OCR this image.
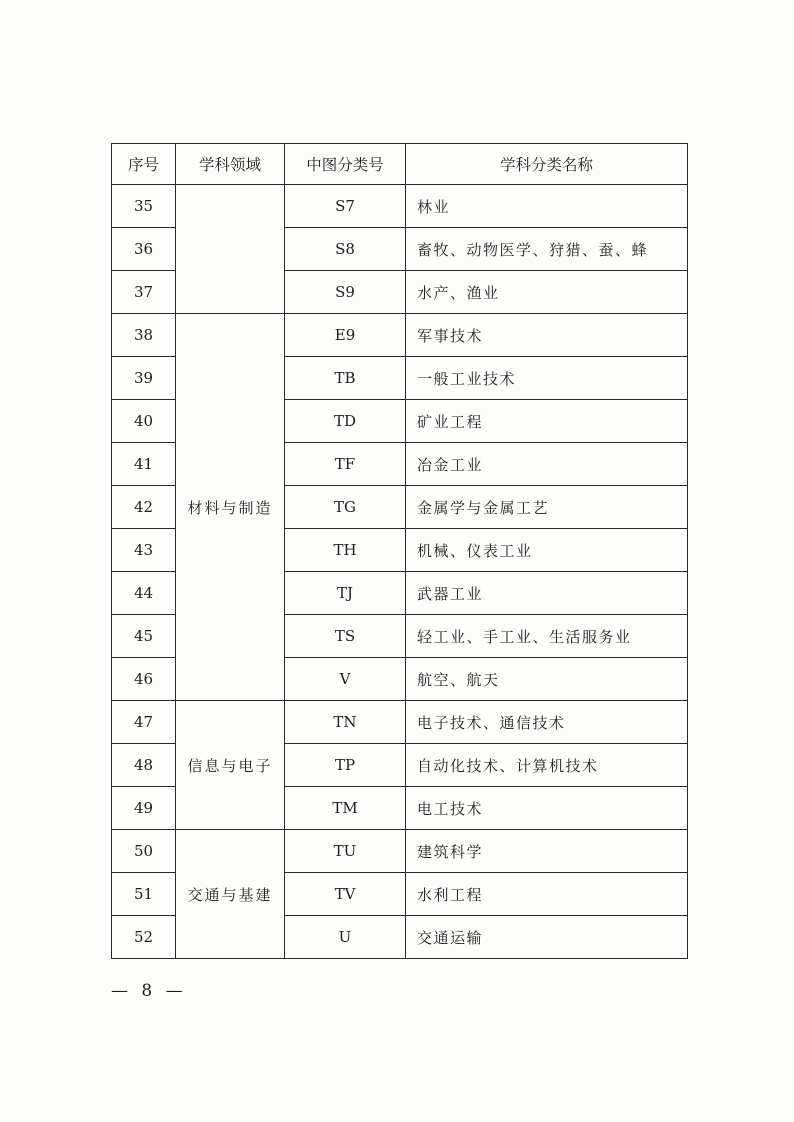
序号	学科领域	中图分类号	学科分类名称
35		S7	林业
36		S8	畜牧、动物医学、狩猎、蚕、蜂
37		S9	水产、渔业
38	材料与制造	E9	军事技术
39		TB	一般工业技术
40		TD	矿业工程
41		TF	冶金工业
42		TG	金属学与金属工艺
43		TH	机械、仪表工业
44		TJ	武器工业
45		TS	轻工业、手工业、生活服务业
46		V	航空、航天
47	信息与电子	TN	电子技术、通信技术
48		TP	自动化技术、计算机技术
49		TM	电工技术
50	交通与基建	TU	建筑科学
51		TV	水利工程
52		U	交通运输
— 8 —
